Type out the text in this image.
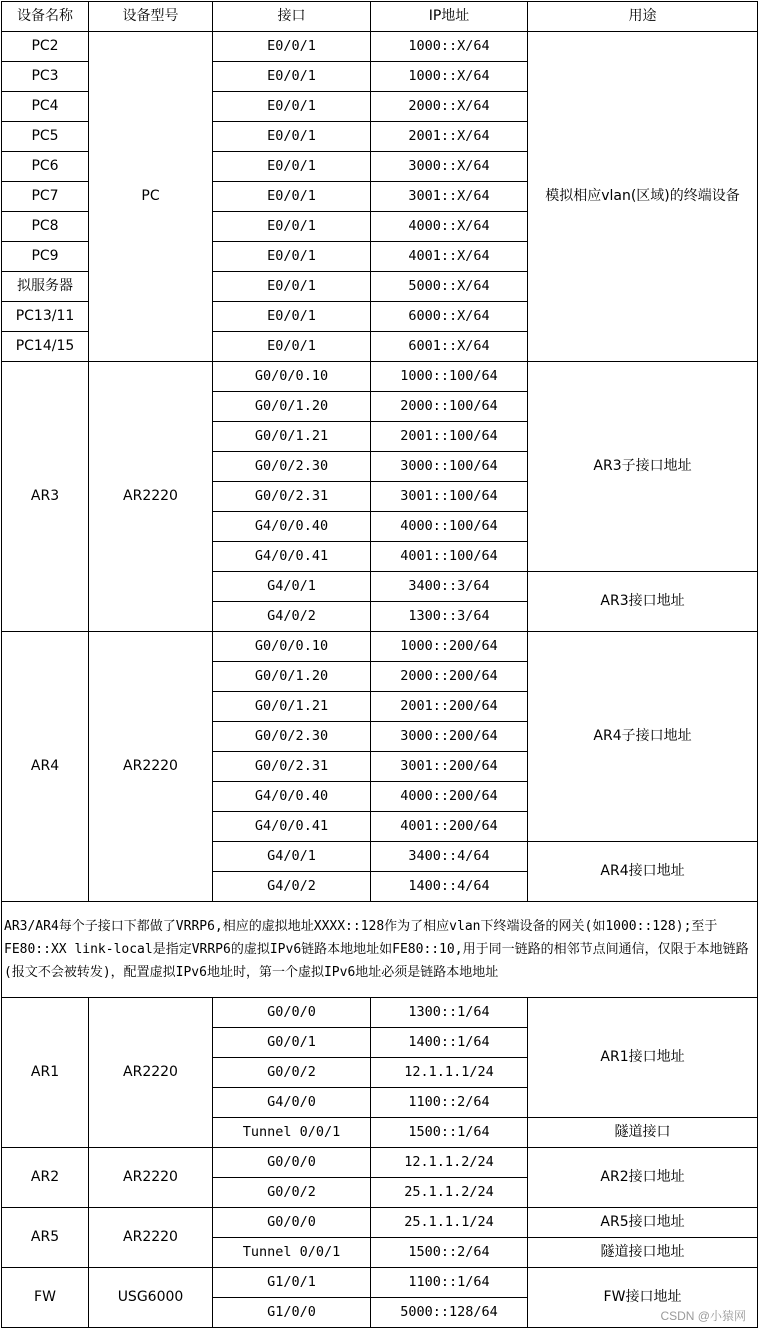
设备名称	设备型号	接口	IP地址	用途
PC2	PC	E0/0/1	1000::X/64	模拟相应vlan(区域)的终端设备
PC3		E0/0/1	1000::X/64	
PC4		E0/0/1	2000::X/64	
PC5		E0/0/1	2001::X/64	
PC6		E0/0/1	3000::X/64	
PC7		E0/0/1	3001::X/64	
PC8		E0/0/1	4000::X/64	
PC9		E0/0/1	4001::X/64	
拟服务器		E0/0/1	5000::X/64	
PC13/11		E0/0/1	6000::X/64	
PC14/15		E0/0/1	6001::X/64	
AR3	AR2220	G0/0/0.10	1000::100/64	AR3子接口地址
		G0/0/1.20	2000::100/64	
		G0/0/1.21	2001::100/64	
		G0/0/2.30	3000::100/64	
		G0/0/2.31	3001::100/64	
		G4/0/0.40	4000::100/64	
		G4/0/0.41	4001::100/64	
		G4/0/1	3400::3/64	AR3接口地址
		G4/0/2	1300::3/64	
AR4	AR2220	G0/0/0.10	1000::200/64	AR4子接口地址
		G0/0/1.20	2000::200/64	
		G0/0/1.21	2001::200/64	
		G0/0/2.30	3000::200/64	
		G0/0/2.31	3001::200/64	
		G4/0/0.40	4000::200/64	
		G4/0/0.41	4001::200/64	
		G4/0/1	3400::4/64	AR4接口地址
		G4/0/2	1400::4/64	
AR3/AR4每个子接口下都做了VRRP6,相应的虚拟地址XXXX::128作为了相应vlan下终端设备的网关(如1000::128);至于FE80::XX link-local是指定VRRP6的虚拟IPv6链路本地地址如FE80::10,用于同一链路的相邻节点间通信，仅限于本地链路(报文不会被转发)，配置虚拟IPv6地址时，第一个虚拟IPv6地址必须是链路本地地址				
AR1	AR2220	G0/0/0	1300::1/64	AR1接口地址
		G0/0/1	1400::1/64	
		G0/0/2	12.1.1.1/24	
		G4/0/0	1100::2/64	
		Tunnel 0/0/1	1500::1/64	隧道接口
AR2	AR2220	G0/0/0	12.1.1.2/24	AR2接口地址
		G0/0/2	25.1.1.2/24	
AR5	AR2220	G0/0/0	25.1.1.1/24	AR5接口地址
		Tunnel 0/0/1	1500::2/64	隧道接口地址
FW	USG6000	G1/0/1	1100::1/64	FW接口地址
		G1/0/0	5000::128/64		CSDN @小猿网
